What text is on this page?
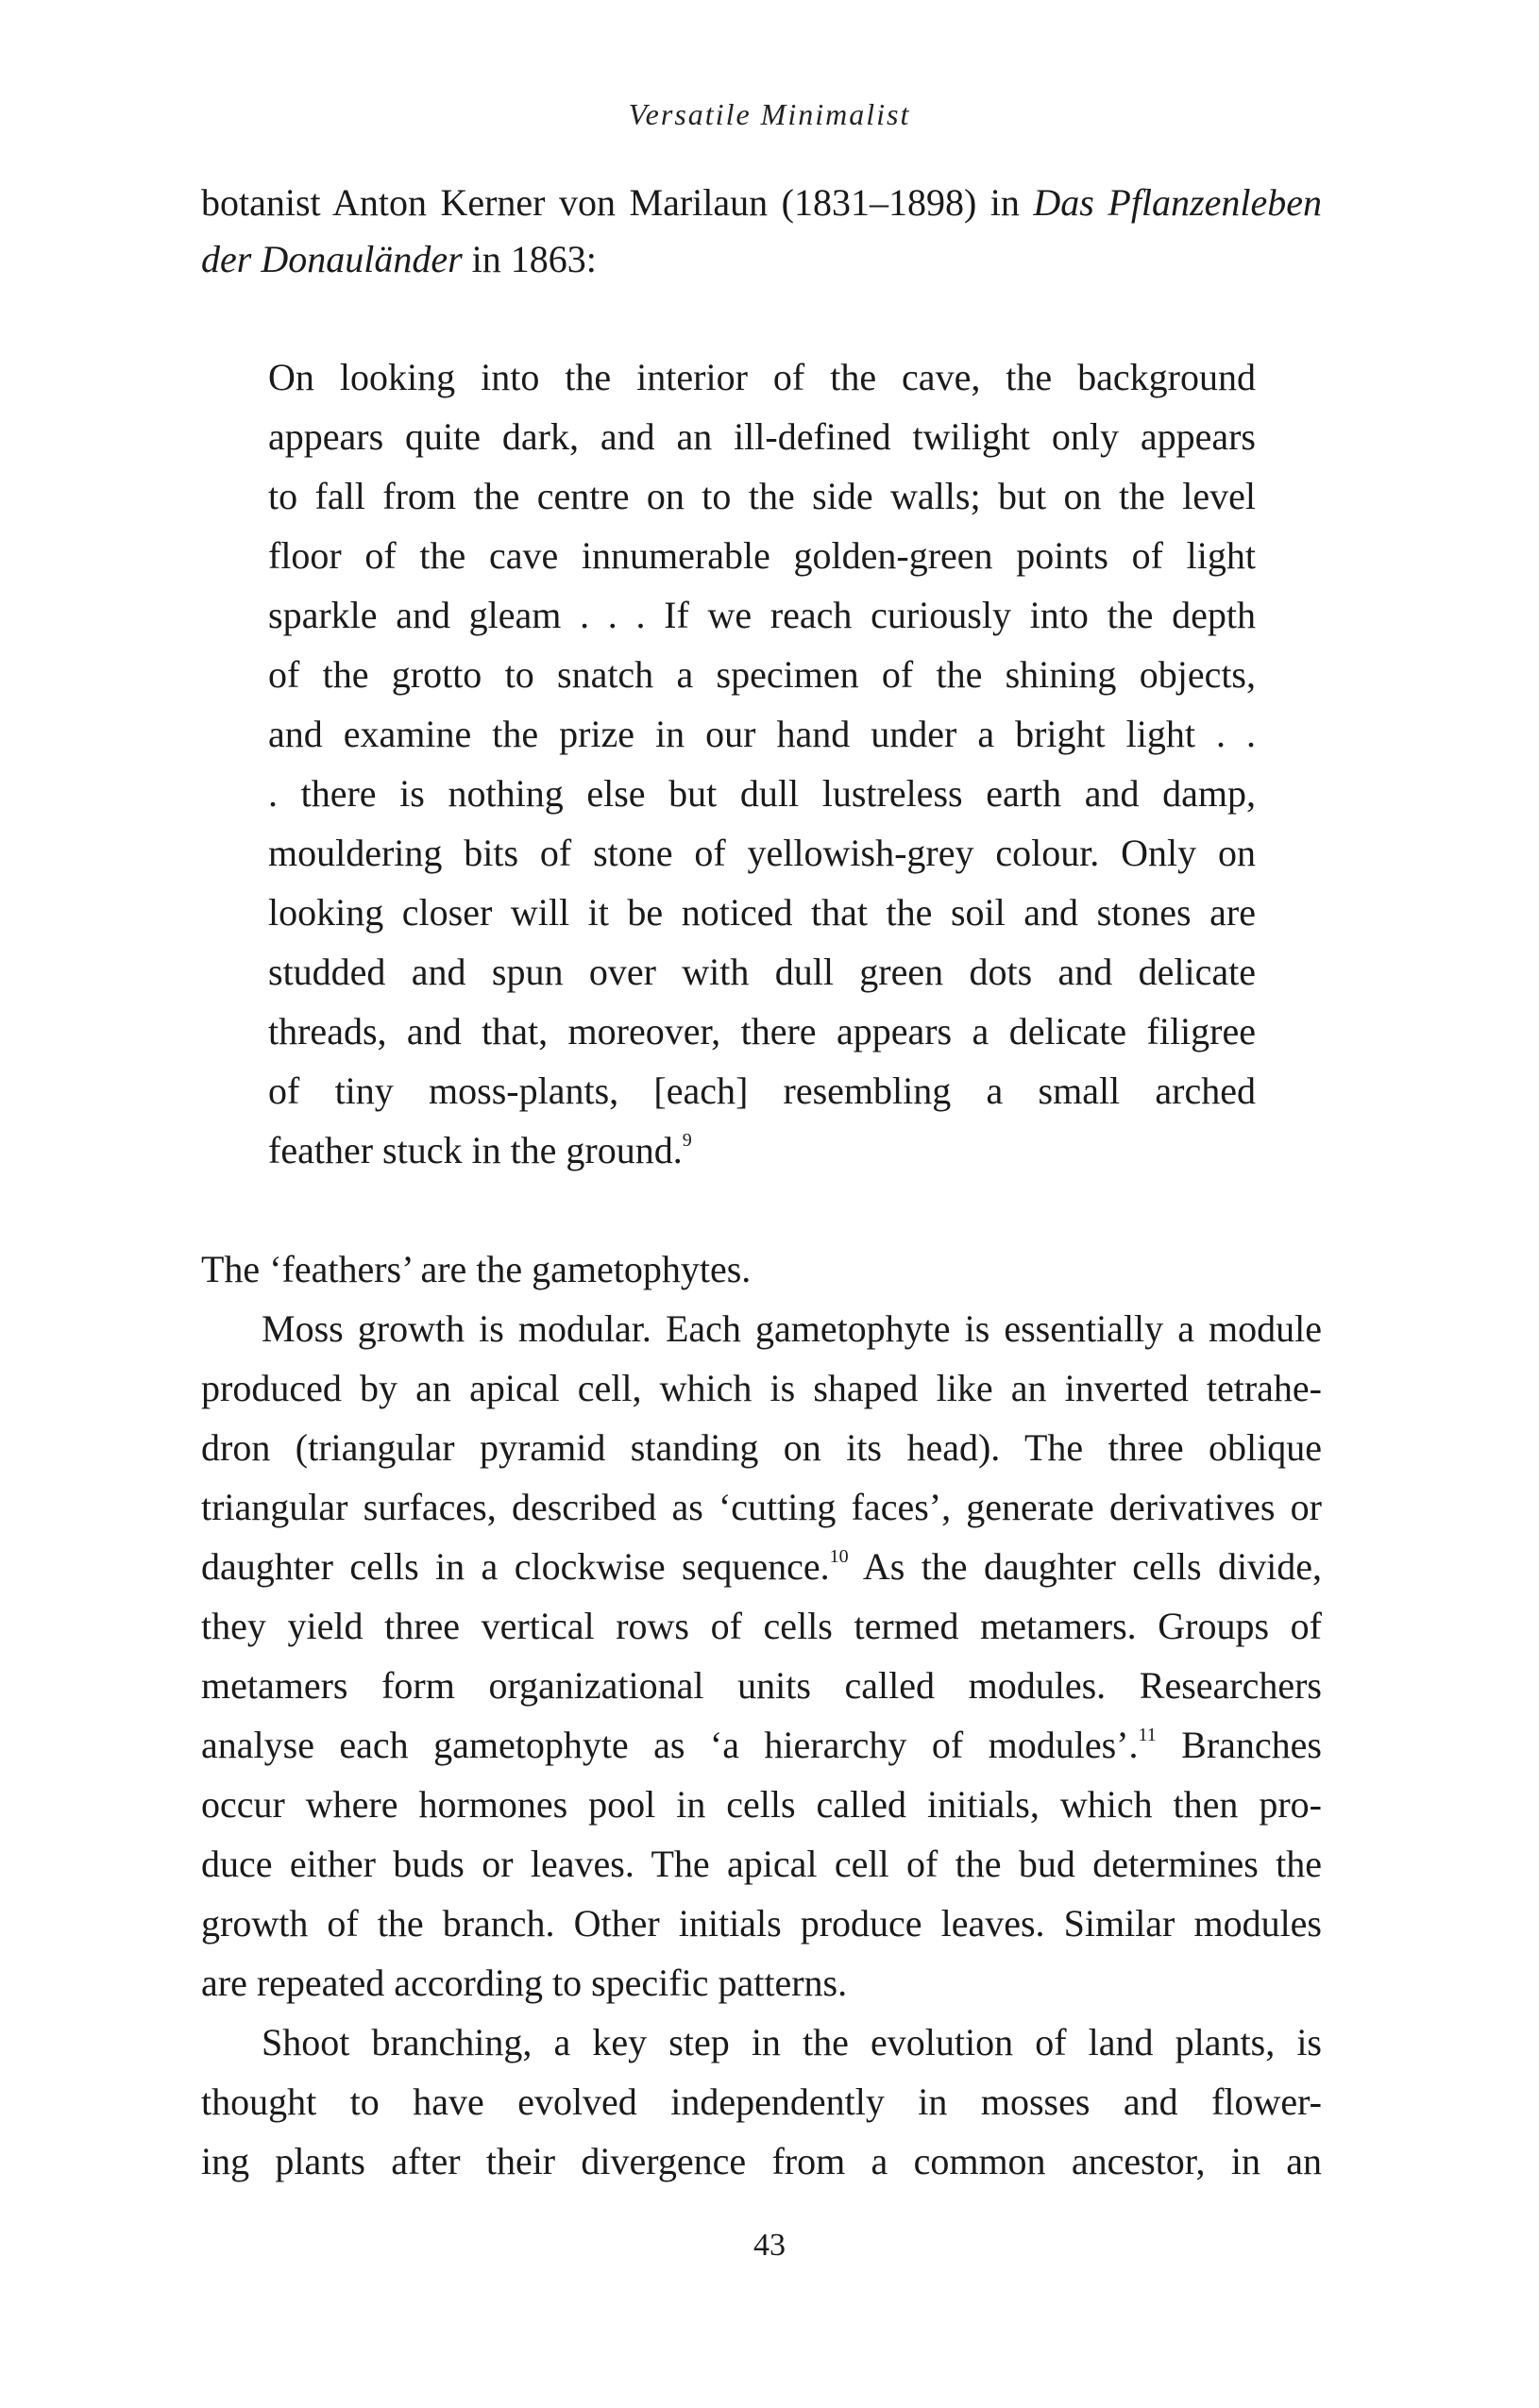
Versatile Minimalist
botanist Anton Kerner von Marilaun (1831–1898) in Das Pflanzenleben
der Donauländer in 1863:
On looking into the interior of the cave, the background
appears quite dark, and an ill-defined twilight only appears
to fall from the centre on to the side walls; but on the level
floor of the cave innumerable golden-green points of light
sparkle and gleam . . . If we reach curiously into the depth
of the grotto to snatch a specimen of the shining objects,
and examine the prize in our hand under a bright light . .
. there is nothing else but dull lustreless earth and damp,
mouldering bits of stone of yellowish-grey colour. Only on
looking closer will it be noticed that the soil and stones are
studded and spun over with dull green dots and delicate
threads, and that, moreover, there appears a delicate filigree
of tiny moss-plants, [each] resembling a small arched
feather stuck in the ground.$^9$
The ‘feathers’ are the gametophytes.
Moss growth is modular. Each gametophyte is essentially a module
produced by an apical cell, which is shaped like an inverted tetrahe-
dron (triangular pyramid standing on its head). The three oblique
triangular surfaces, described as ‘cutting faces’, generate derivatives or
daughter cells in a clockwise sequence.$^{10}$ As the daughter cells divide,
they yield three vertical rows of cells termed metamers. Groups of
metamers form organizational units called modules. Researchers
analyse each gametophyte as ‘a hierarchy of modules’.$^{11}$ Branches
occur where hormones pool in cells called initials, which then pro-
duce either buds or leaves. The apical cell of the bud determines the
growth of the branch. Other initials produce leaves. Similar modules
are repeated according to specific patterns.
Shoot branching, a key step in the evolution of land plants, is
thought to have evolved independently in mosses and flower-
ing plants after their divergence from a common ancestor, in an
43
